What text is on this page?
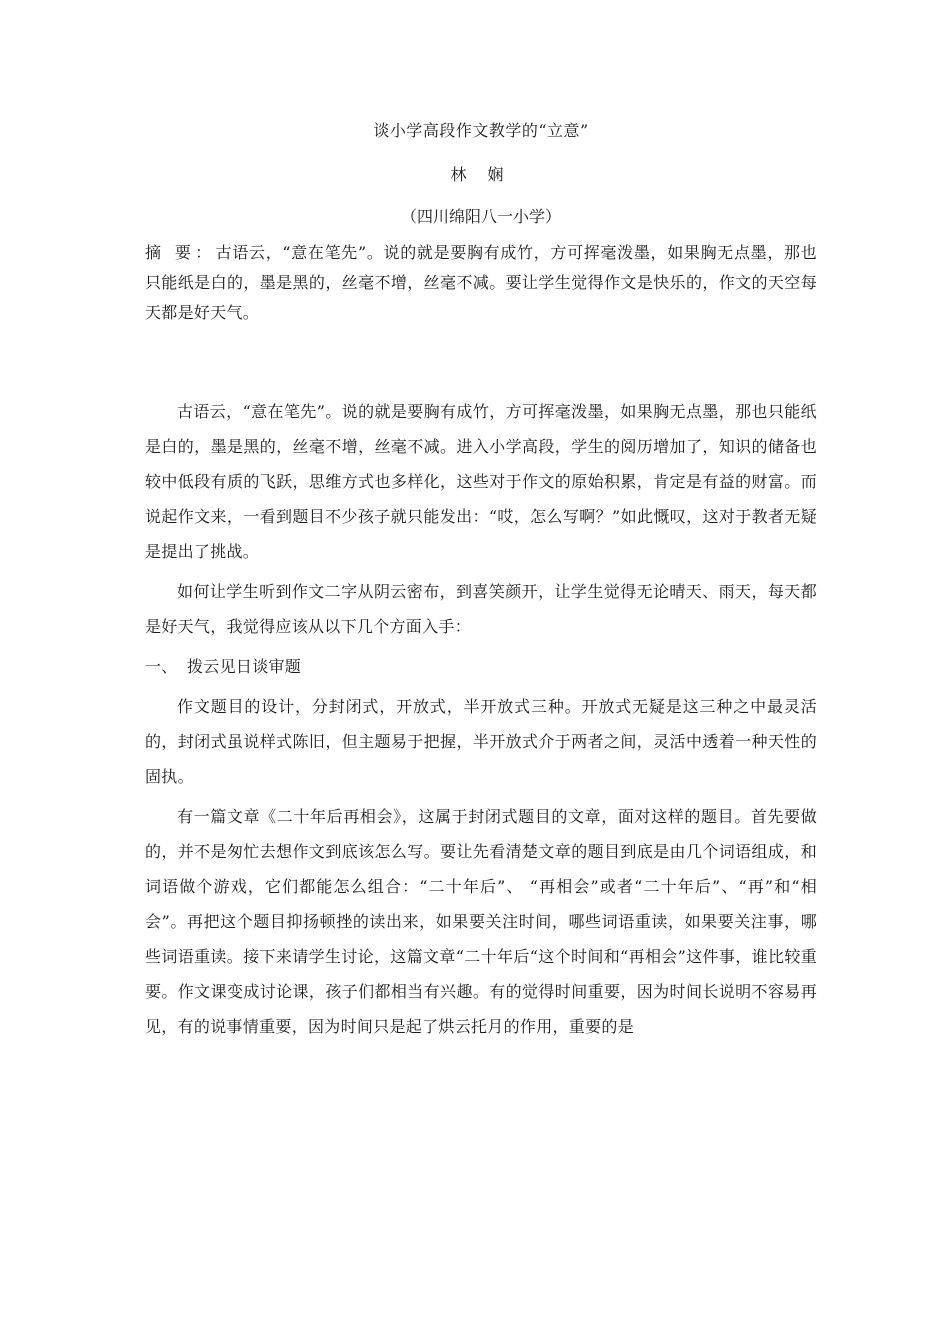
谈小学高段作文教学的“立意”
林 娴
（四川绵阳八一小学）

摘 要：古语云，“意在笔先”。说的就是要胸有成竹，方可挥毫泼墨，如果胸无点墨，那也只能纸是白的，墨是黑的，丝毫不增，丝毫不减。要让学生觉得作文是快乐的，作文的天空每天都是好天气。

古语云，“意在笔先”。说的就是要胸有成竹，方可挥毫泼墨，如果胸无点墨，那也只能纸是白的，墨是黑的，丝毫不增，丝毫不减。进入小学高段，学生的阅历增加了，知识的储备也较中低段有质的飞跃，思维方式也多样化，这些对于作文的原始积累，肯定是有益的财富。而说起作文来，一看到题目不少孩子就只能发出：“哎，怎么写啊？”如此慨叹，这对于教者无疑是提出了挑战。

如何让学生听到作文二字从阴云密布，到喜笑颜开，让学生觉得无论晴天、雨天，每天都是好天气，我觉得应该从以下几个方面入手：

一、 拨云见日谈审题

作文题目的设计，分封闭式，开放式，半开放式三种。开放式无疑是这三种之中最灵活的，封闭式虽说样式陈旧，但主题易于把握，半开放式介于两者之间，灵活中透着一种天性的固执。

有一篇文章《二十年后再相会》，这属于封闭式题目的文章，面对这样的题目。首先要做的，并不是匆忙去想作文到底该怎么写。要让先看清楚文章的题目到底是由几个词语组成，和词语做个游戏，它们都能怎么组合：“二十年后”、 “再相会”或者“二十年后”、“再”和“相会”。再把这个题目抑扬顿挫的读出来，如果要关注时间，哪些词语重读，如果要关注事，哪些词语重读。接下来请学生讨论，这篇文章“二十年后“这个时间和“再相会”这件事，谁比较重要。作文课变成讨论课，孩子们都相当有兴趣。有的觉得时间重要，因为时间长说明不容易再见，有的说事情重要，因为时间只是起了烘云托月的作用，重要的是
